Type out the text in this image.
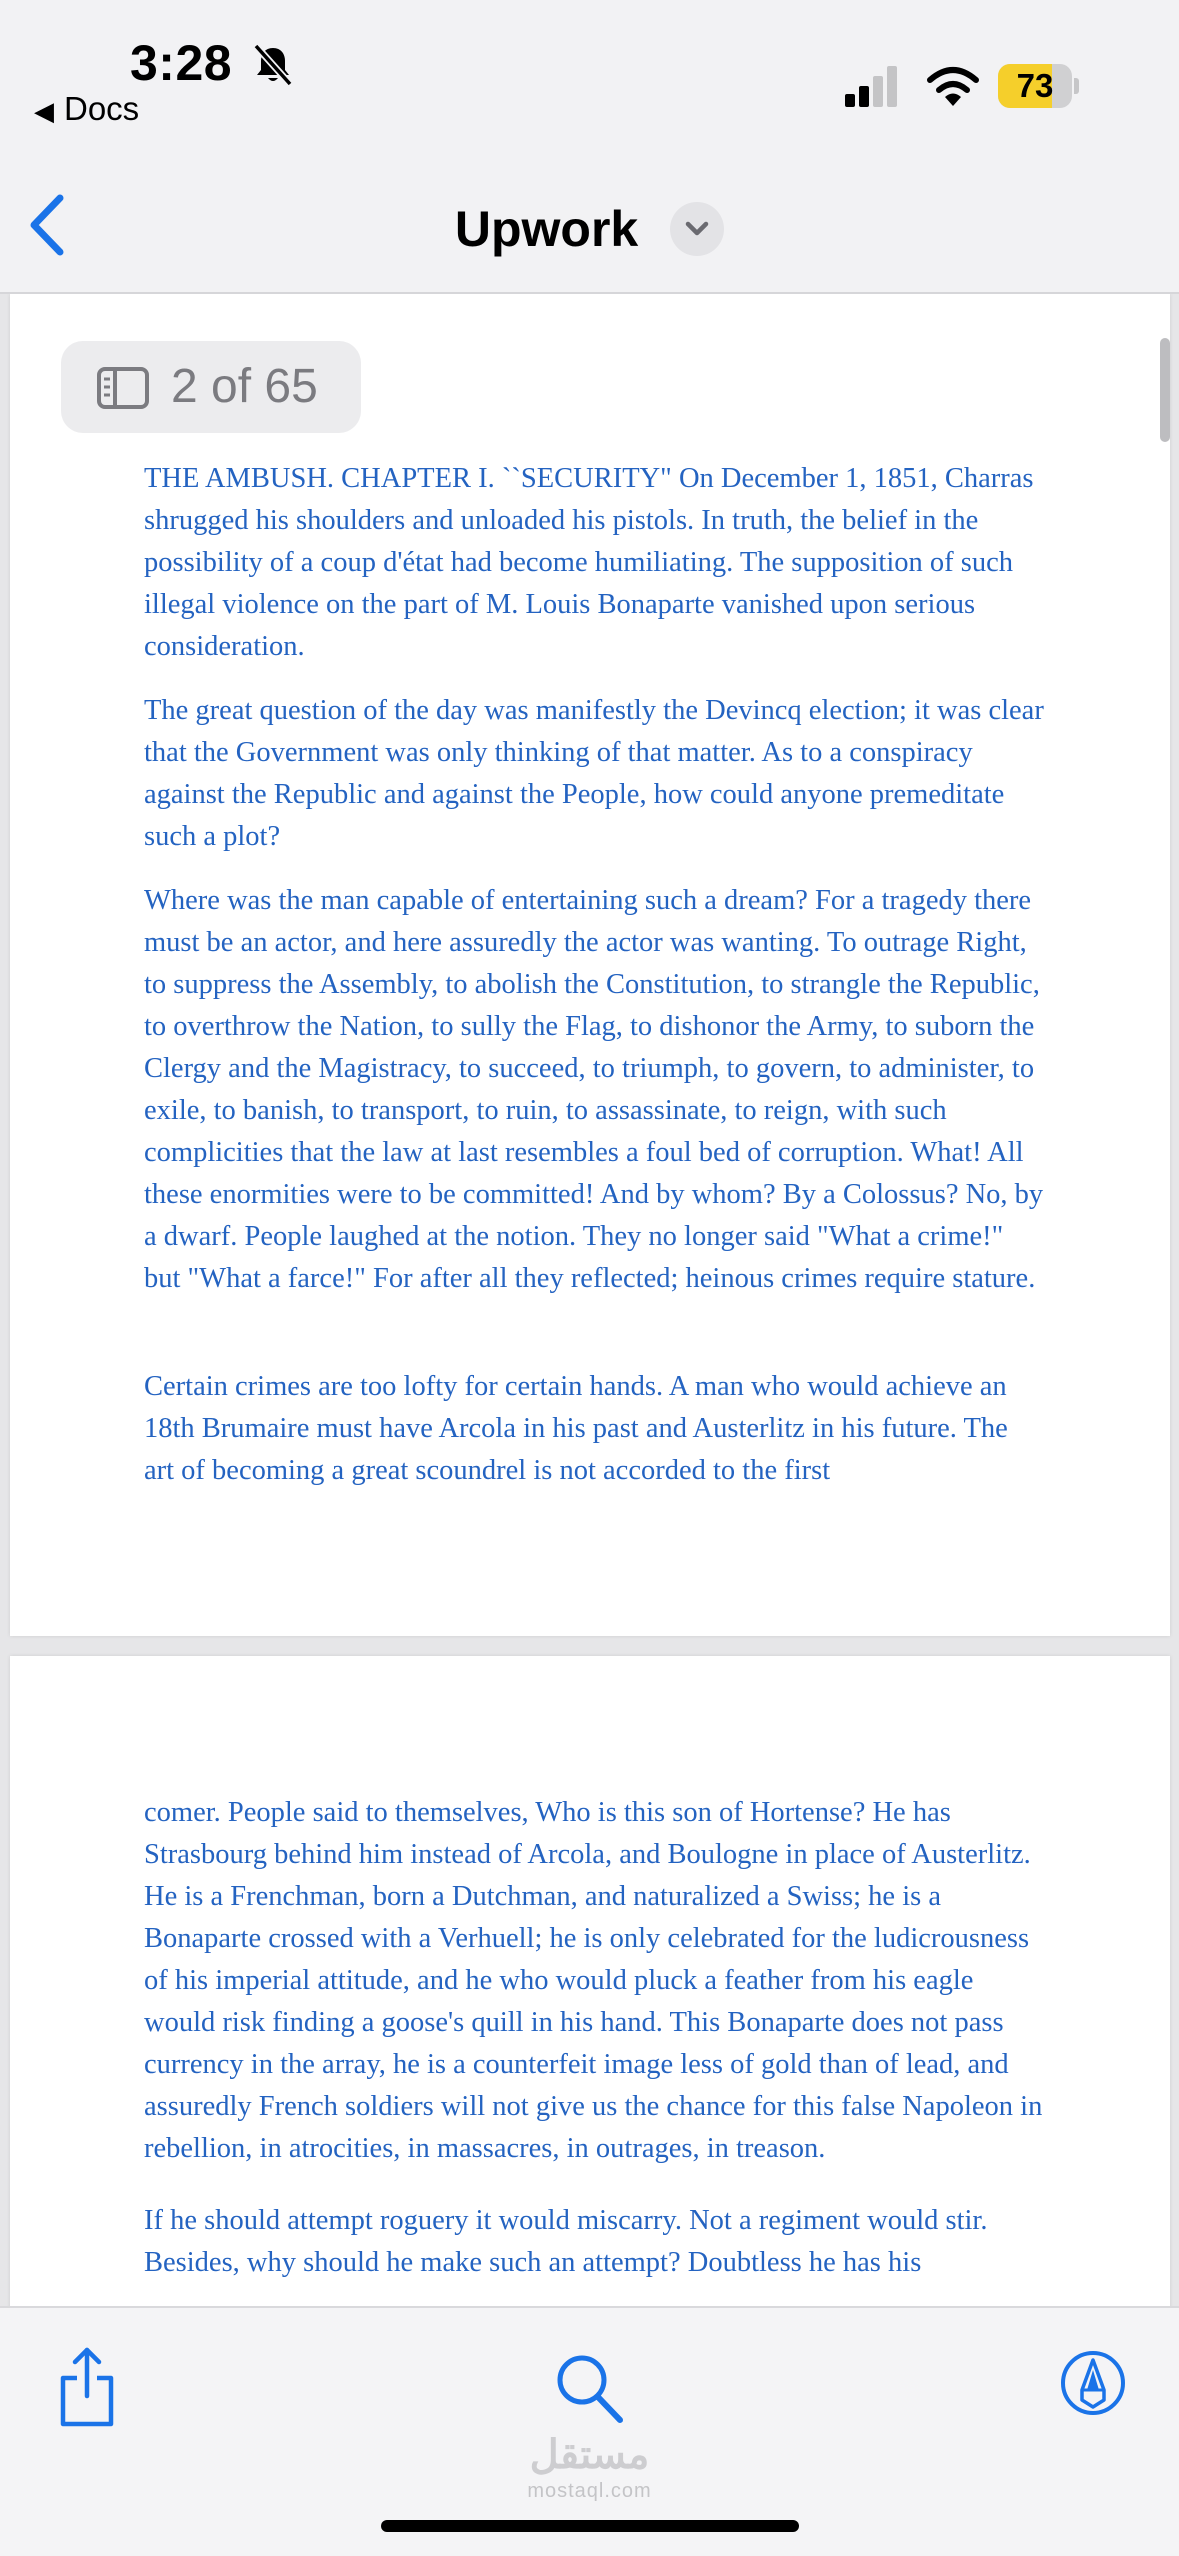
3:28
◀ Docs
73
Upwork

THE AMBUSH. CHAPTER I. ``SECURITY" On December 1, 1851, Charras shrugged his shoulders and unloaded his pistols. In truth, the belief in the possibility of a coup d'état had become humiliating. The supposition of such illegal violence on the part of M. Louis Bonaparte vanished upon serious consideration.

The great question of the day was manifestly the Devincq election; it was clear that the Government was only thinking of that matter. As to a conspiracy against the Republic and against the People, how could anyone premeditate such a plot?

Where was the man capable of entertaining such a dream? For a tragedy there must be an actor, and here assuredly the actor was wanting. To outrage Right, to suppress the Assembly, to abolish the Constitution, to strangle the Republic, to overthrow the Nation, to sully the Flag, to dishonor the Army, to suborn the Clergy and the Magistracy, to succeed, to triumph, to govern, to administer, to exile, to banish, to transport, to ruin, to assassinate, to reign, with such complicities that the law at last resembles a foul bed of corruption. What! All these enormities were to be committed! And by whom? By a Colossus? No, by a dwarf. People laughed at the notion. They no longer said "What a crime!" but "What a farce!" For after all they reflected; heinous crimes require stature.

Certain crimes are too lofty for certain hands. A man who would achieve an 18th Brumaire must have Arcola in his past and Austerlitz in his future. The art of becoming a great scoundrel is not accorded to the first

comer. People said to themselves, Who is this son of Hortense? He has Strasbourg behind him instead of Arcola, and Boulogne in place of Austerlitz. He is a Frenchman, born a Dutchman, and naturalized a Swiss; he is a Bonaparte crossed with a Verhuell; he is only celebrated for the ludicrousness of his imperial attitude, and he who would pluck a feather from his eagle would risk finding a goose's quill in his hand. This Bonaparte does not pass currency in the array, he is a counterfeit image less of gold than of lead, and assuredly French soldiers will not give us the chance for this false Napoleon in rebellion, in atrocities, in massacres, in outrages, in treason.

If he should attempt roguery it would miscarry. Not a regiment would stir. Besides, why should he make such an attempt? Doubtless he has his

2 of 65
مستقل
mostaql.com
